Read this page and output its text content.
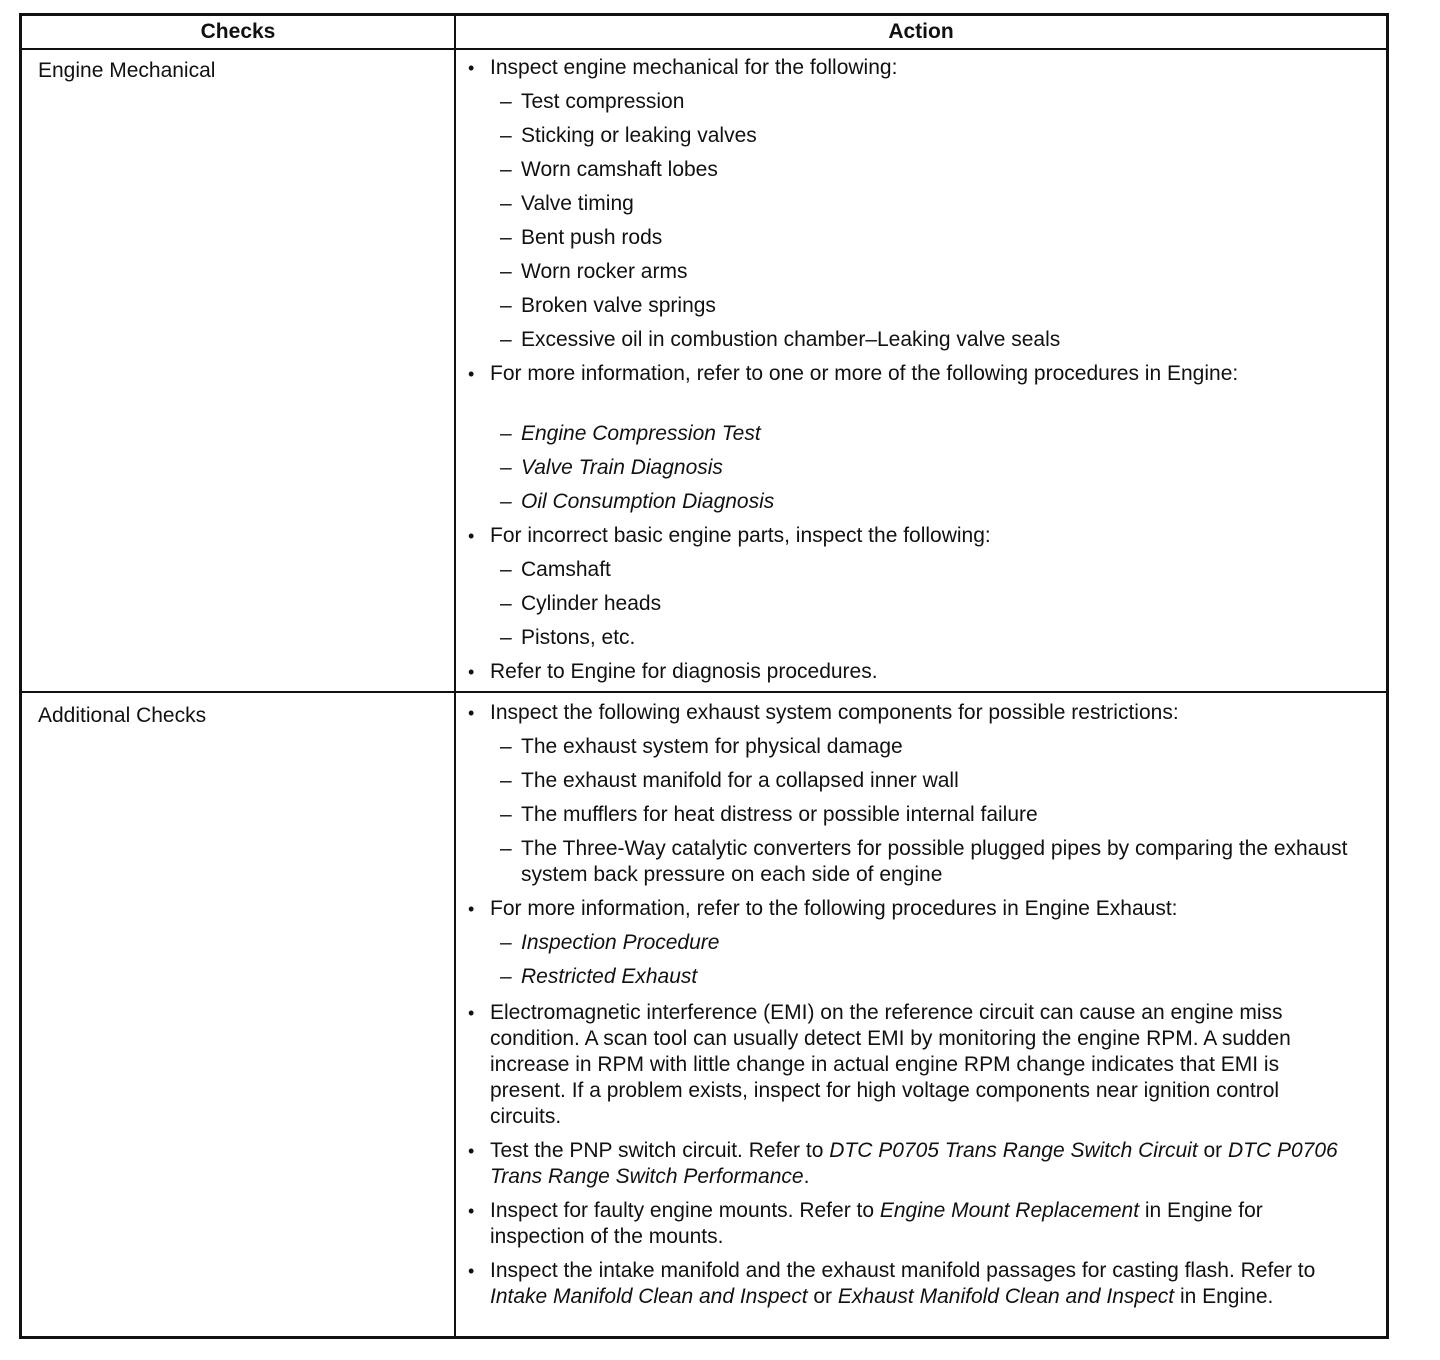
Checks	Action
Engine Mechanical
Additional Checks
• Inspect engine mechanical for the following:
– Test compression
– Sticking or leaking valves
– Worn camshaft lobes
– Valve timing
– Bent push rods
– Worn rocker arms
– Broken valve springs
– Excessive oil in combustion chamber–Leaking valve seals
• For more information, refer to one or more of the following procedures in Engine:
– Engine Compression Test
– Valve Train Diagnosis
– Oil Consumption Diagnosis
• For incorrect basic engine parts, inspect the following:
– Camshaft
– Cylinder heads
– Pistons, etc.
• Refer to Engine for diagnosis procedures.
• Inspect the following exhaust system components for possible restrictions:
– The exhaust system for physical damage
– The exhaust manifold for a collapsed inner wall
– The mufflers for heat distress or possible internal failure
– The Three-Way catalytic converters for possible plugged pipes by comparing the exhaust system back pressure on each side of engine
• For more information, refer to the following procedures in Engine Exhaust:
– Inspection Procedure
– Restricted Exhaust
• Electromagnetic interference (EMI) on the reference circuit can cause an engine miss condition. A scan tool can usually detect EMI by monitoring the engine RPM. A sudden increase in RPM with little change in actual engine RPM change indicates that EMI is present. If a problem exists, inspect for high voltage components near ignition control circuits.
• Test the PNP switch circuit. Refer to DTC P0705 Trans Range Switch Circuit or DTC P0706 Trans Range Switch Performance.
• Inspect for faulty engine mounts. Refer to Engine Mount Replacement in Engine for inspection of the mounts.
• Inspect the intake manifold and the exhaust manifold passages for casting flash. Refer to Intake Manifold Clean and Inspect or Exhaust Manifold Clean and Inspect in Engine.
